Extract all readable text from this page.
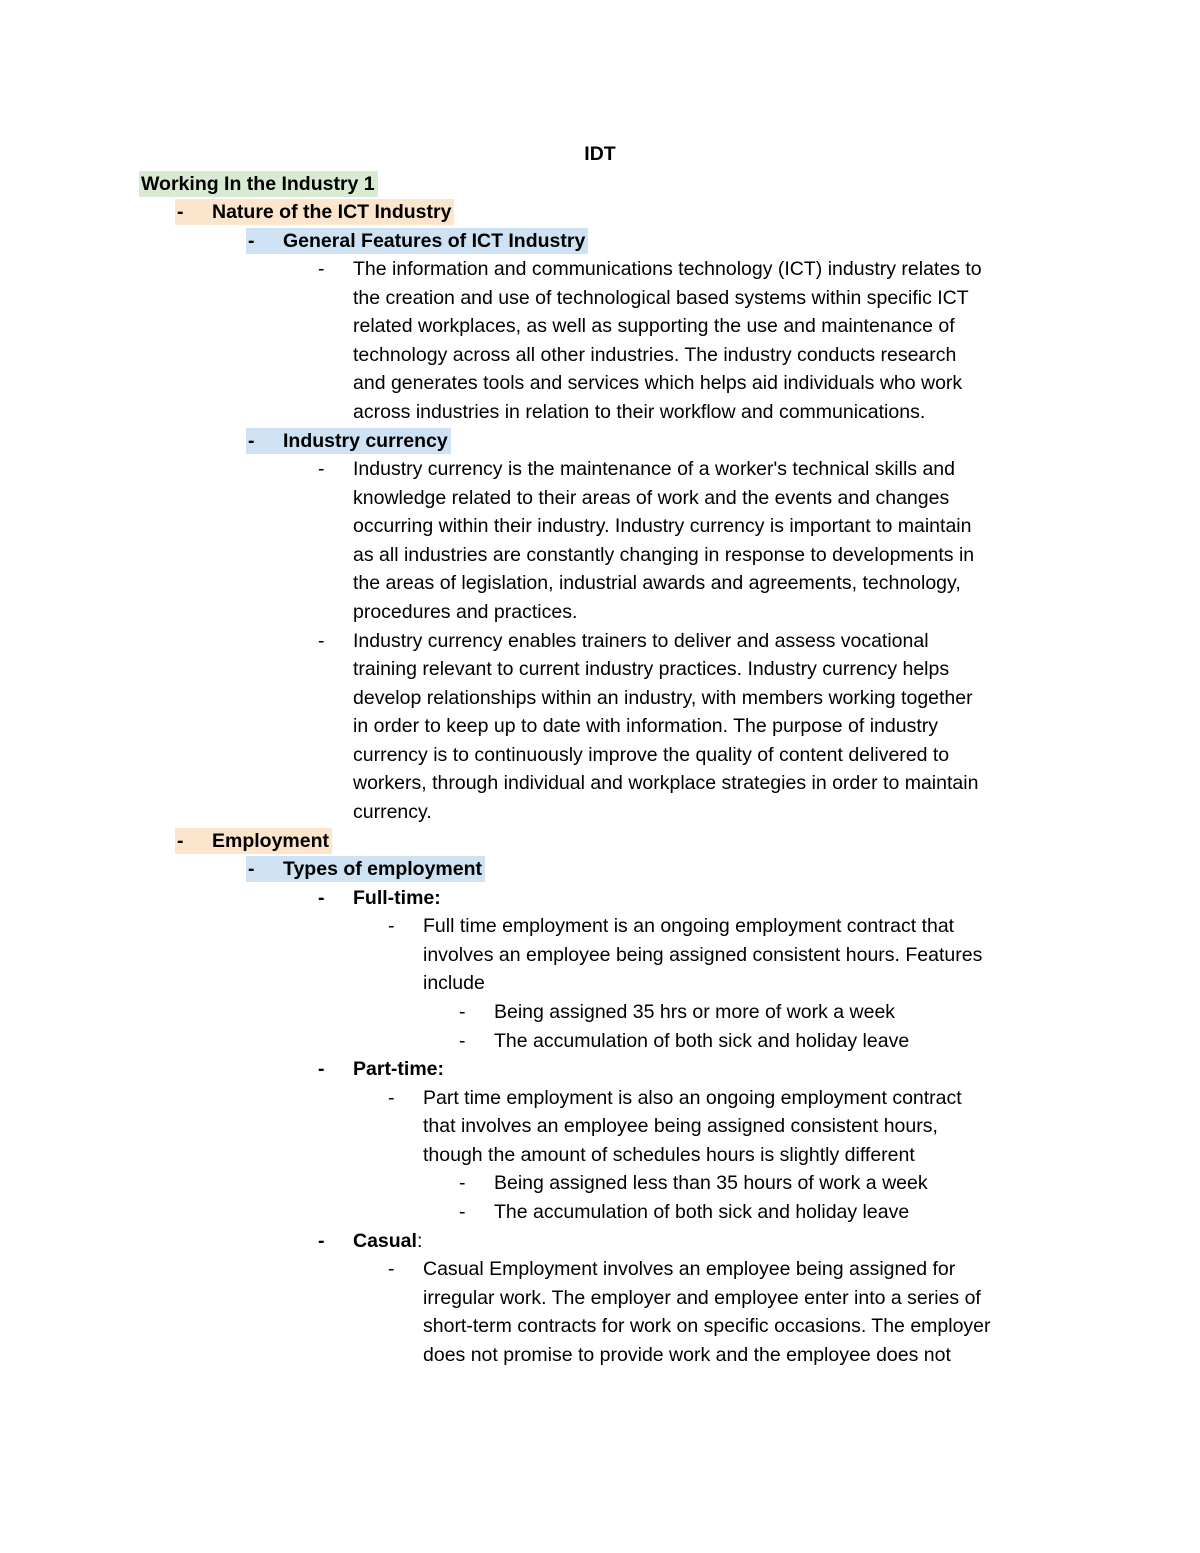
IDT
Working In the Industry 1
-	Nature of the ICT Industry
-	General Features of ICT Industry
-	The information and communications technology (ICT) industry relates to
the creation and use of technological based systems within specific ICT
related workplaces, as well as supporting the use and maintenance of
technology across all other industries. The industry conducts research
and generates tools and services which helps aid individuals who work
across industries in relation to their workflow and communications.
-	Industry currency
-	Industry currency is the maintenance of a worker's technical skills and
knowledge related to their areas of work and the events and changes
occurring within their industry. Industry currency is important to maintain
as all industries are constantly changing in response to developments in
the areas of legislation, industrial awards and agreements, technology,
procedures and practices.
-	Industry currency enables trainers to deliver and assess vocational
training relevant to current industry practices. Industry currency helps
develop relationships within an industry, with members working together
in order to keep up to date with information. The purpose of industry
currency is to continuously improve the quality of content delivered to
workers, through individual and workplace strategies in order to maintain
currency.
-	Employment
-	Types of employment
-	Full-time:
-	Full time employment is an ongoing employment contract that
involves an employee being assigned consistent hours. Features
include
-	Being assigned 35 hrs or more of work a week
-	The accumulation of both sick and holiday leave
-	Part-time:
-	Part time employment is also an ongoing employment contract
that involves an employee being assigned consistent hours,
though the amount of schedules hours is slightly different
-	Being assigned less than 35 hours of work a week
-	The accumulation of both sick and holiday leave
-	Casual:
-	Casual Employment involves an employee being assigned for
irregular work. The employer and employee enter into a series of
short-term contracts for work on specific occasions. The employer
does not promise to provide work and the employee does not
